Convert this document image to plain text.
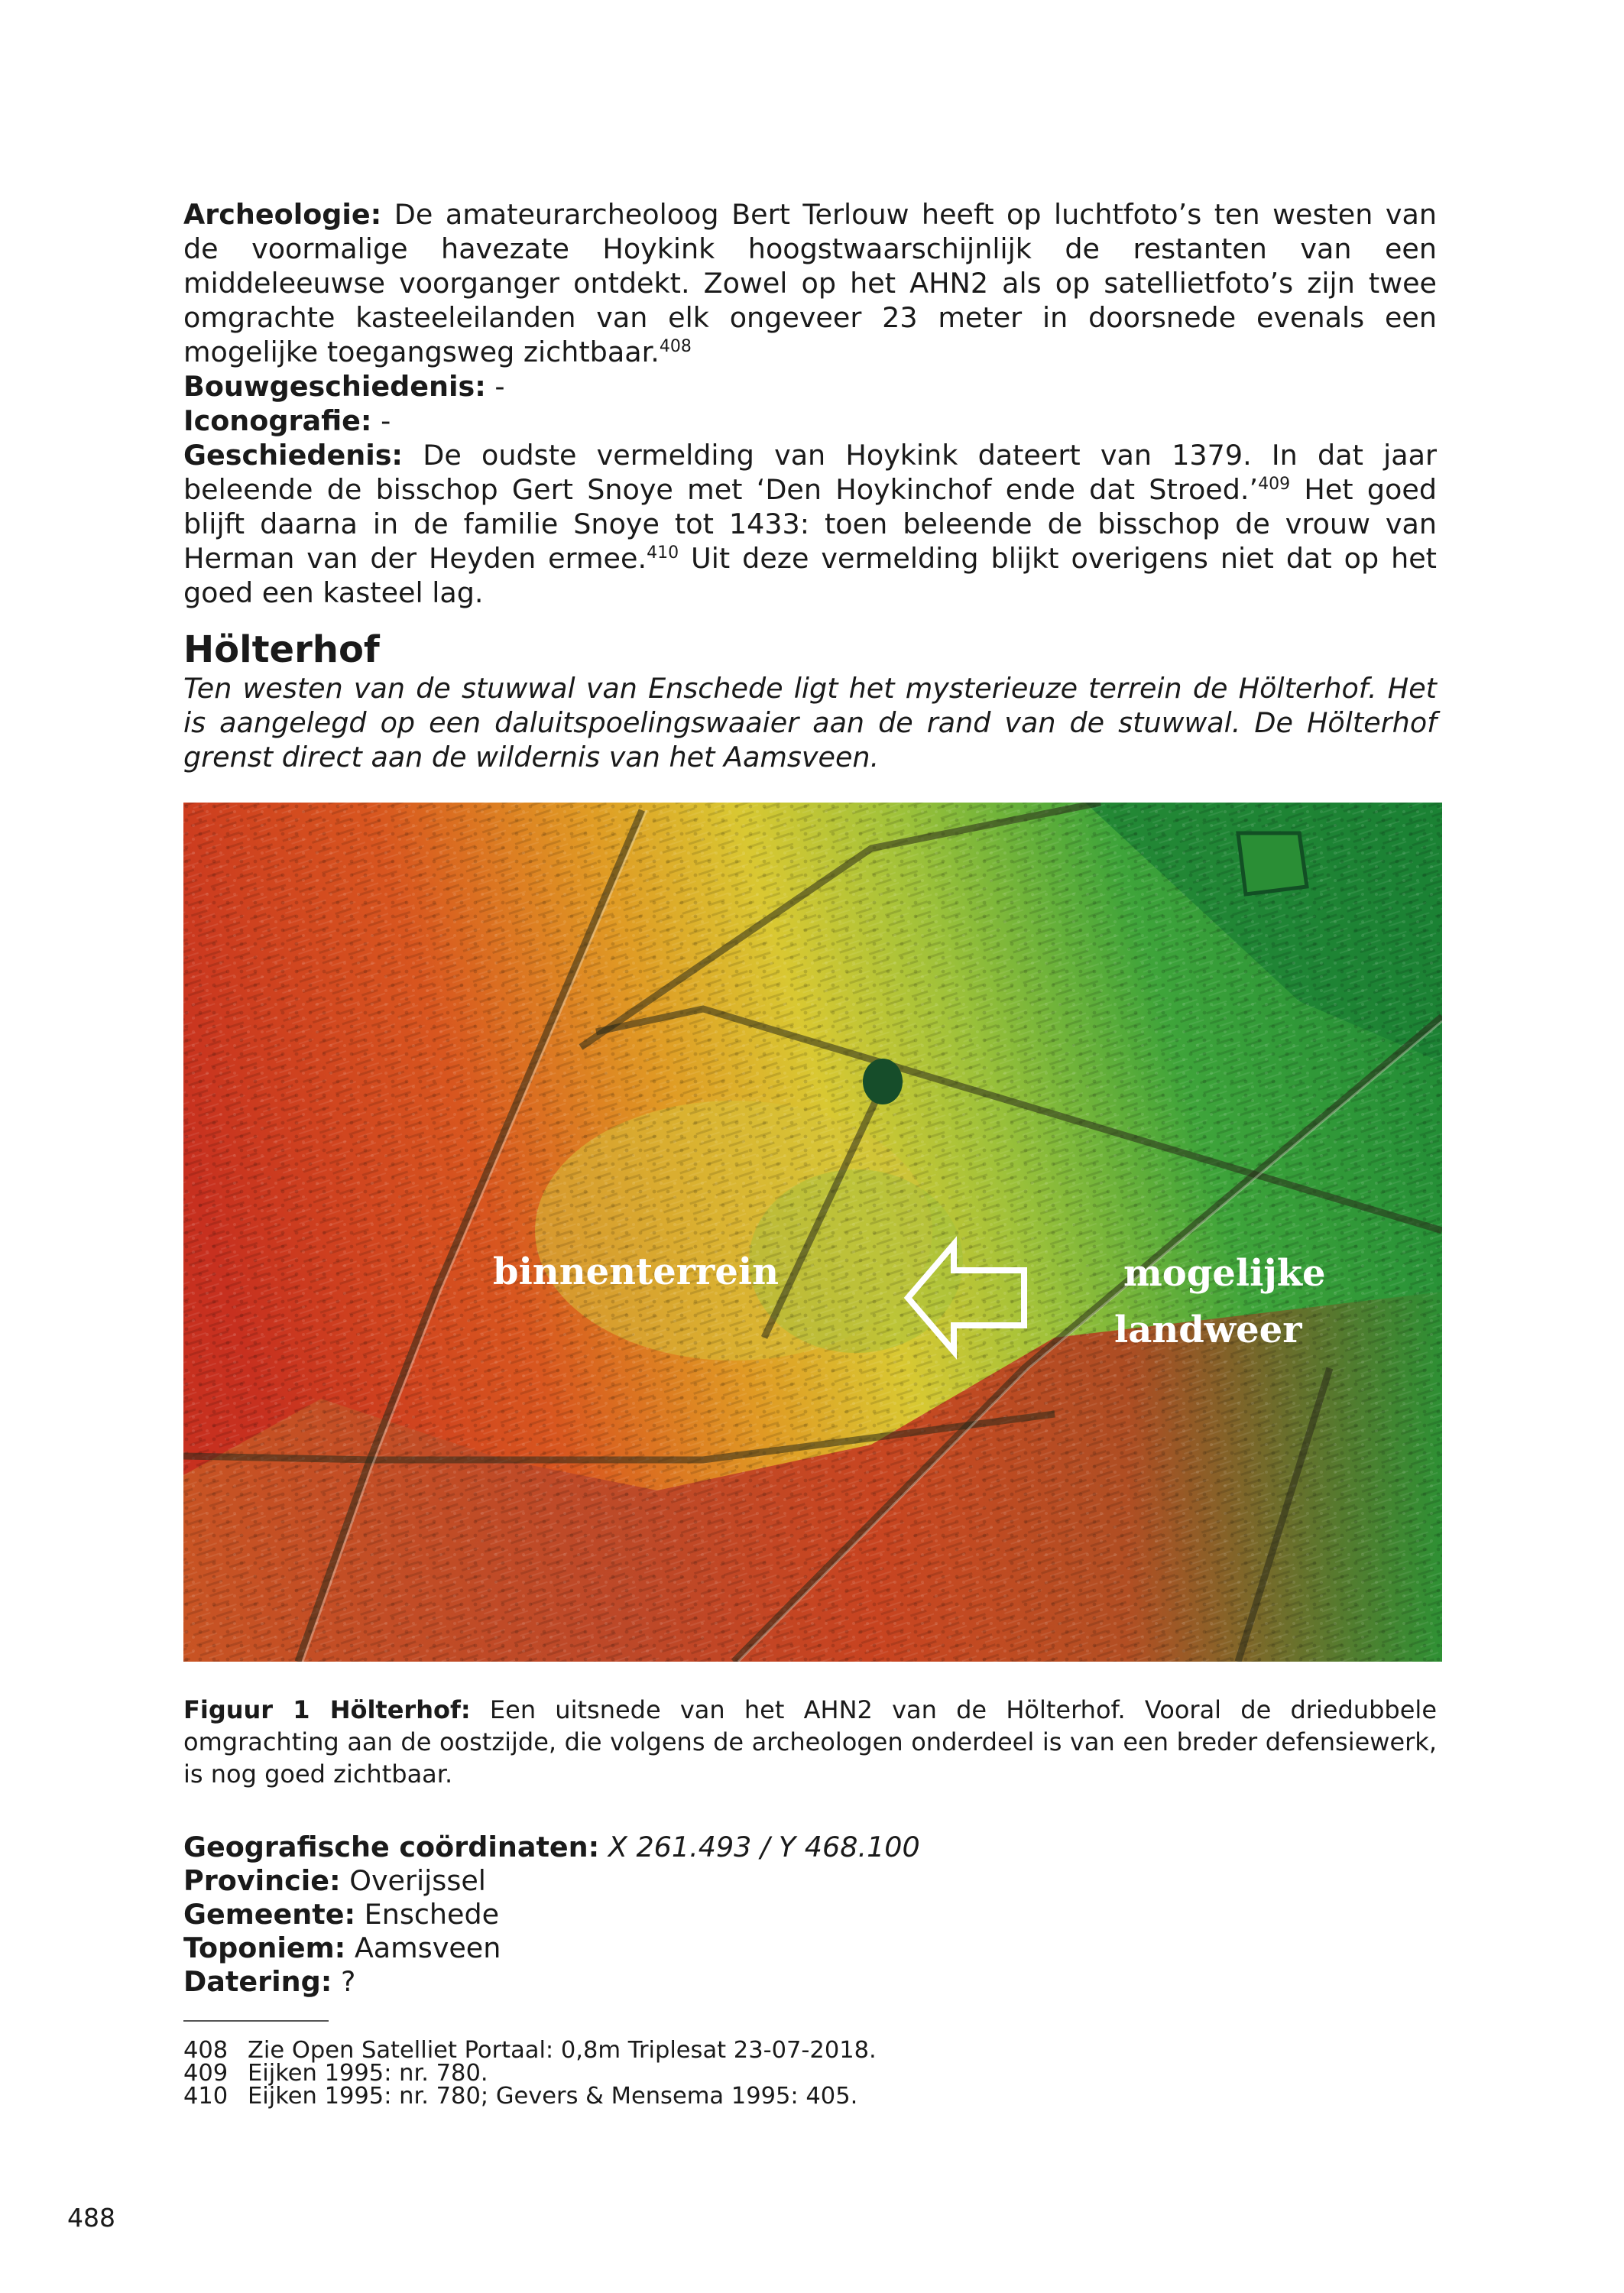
Archeologie: De amateurarcheoloog Bert Terlouw heeft op luchtfoto’s ten westen van de voormalige havezate Hoykink hoogstwaarschijnlijk de restanten van een middeleeuwse voorganger ontdekt. Zowel op het AHN2 als op satellietfoto’s zijn twee omgrachte kasteeleilanden van elk ongeveer 23 meter in doorsnede evenals een mogelijke toegangsweg zichtbaar.$^{408}$
Bouwgeschiedenis: -
Iconografie: -
Geschiedenis: De oudste vermelding van Hoykink dateert van 1379. In dat jaar beleende de bisschop Gert Snoye met ‘Den Hoykinchof ende dat Stroed.’$^{409}$ Het goed blijft daarna in de familie Snoye tot 1433: toen beleende de bisschop de vrouw van Herman van der Heyden ermee.$^{410}$ Uit deze vermelding blijkt overigens niet dat op het goed een kasteel lag.
Hölterhof
Ten westen van de stuwwal van Enschede ligt het mysterieuze terrein de Hölterhof. Het is aangelegd op een daluitspoelingswaaier aan de rand van de stuwwal. De Hölterhof grenst direct aan de wildernis van het Aamsveen.
binnenterrein	mogelijke
landweer
Figuur 1 Hölterhof: Een uitsnede van het AHN2 van de Hölterhof. Vooral de driedubbele omgrachting aan de oostzijde, die volgens de archeologen onderdeel is van een breder defensiewerk, is nog goed zichtbaar.
Geografische coördinaten: X 261.493 / Y 468.100
Provincie: Overijssel
Gemeente: Enschede
Toponiem: Aamsveen
Datering: ?
408 Zie Open Satelliet Portaal: 0,8m Triplesat 23-07-2018.
409 Eijken 1995: nr. 780.
410 Eijken 1995: nr. 780; Gevers & Mensema 1995: 405.
488
